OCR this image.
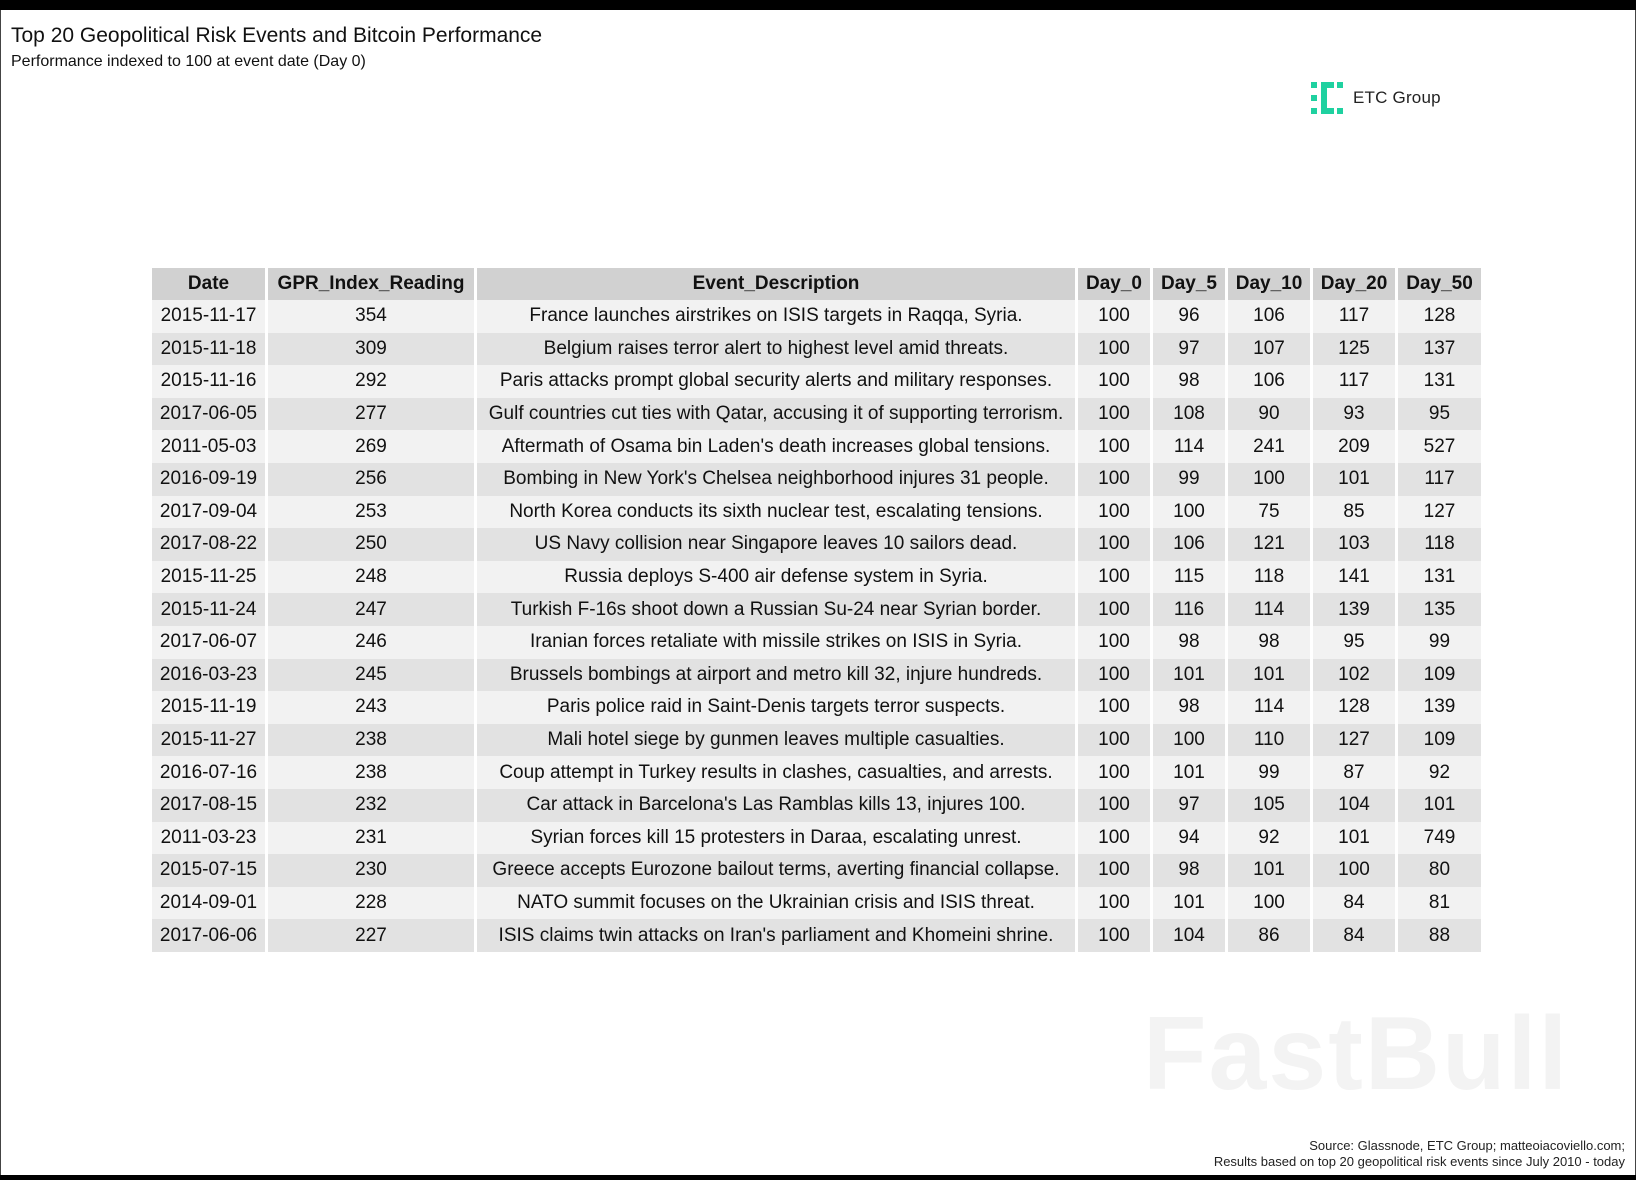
Top 20 Geopolitical Risk Events and Bitcoin Performance
Performance indexed to 100 at event date (Day 0)
ETC Group
Date	GPR_Index_Reading	Event_Description	Day_0	Day_5	Day_10	Day_20	Day_50
2015-11-17	354	France launches airstrikes on ISIS targets in Raqqa, Syria.	100	96	106	117	128
2015-11-18	309	Belgium raises terror alert to highest level amid threats.	100	97	107	125	137
2015-11-16	292	Paris attacks prompt global security alerts and military responses.	100	98	106	117	131
2017-06-05	277	Gulf countries cut ties with Qatar, accusing it of supporting terrorism.	100	108	90	93	95
2011-05-03	269	Aftermath of Osama bin Laden's death increases global tensions.	100	114	241	209	527
2016-09-19	256	Bombing in New York's Chelsea neighborhood injures 31 people.	100	99	100	101	117
2017-09-04	253	North Korea conducts its sixth nuclear test, escalating tensions.	100	100	75	85	127
2017-08-22	250	US Navy collision near Singapore leaves 10 sailors dead.	100	106	121	103	118
2015-11-25	248	Russia deploys S-400 air defense system in Syria.	100	115	118	141	131
2015-11-24	247	Turkish F-16s shoot down a Russian Su-24 near Syrian border.	100	116	114	139	135
2017-06-07	246	Iranian forces retaliate with missile strikes on ISIS in Syria.	100	98	98	95	99
2016-03-23	245	Brussels bombings at airport and metro kill 32, injure hundreds.	100	101	101	102	109
2015-11-19	243	Paris police raid in Saint-Denis targets terror suspects.	100	98	114	128	139
2015-11-27	238	Mali hotel siege by gunmen leaves multiple casualties.	100	100	110	127	109
2016-07-16	238	Coup attempt in Turkey results in clashes, casualties, and arrests.	100	101	99	87	92
2017-08-15	232	Car attack in Barcelona's Las Ramblas kills 13, injures 100.	100	97	105	104	101
2011-03-23	231	Syrian forces kill 15 protesters in Daraa, escalating unrest.	100	94	92	101	749
2015-07-15	230	Greece accepts Eurozone bailout terms, averting financial collapse.	100	98	101	100	80
2014-09-01	228	NATO summit focuses on the Ukrainian crisis and ISIS threat.	100	101	100	84	81
2017-06-06	227	ISIS claims twin attacks on Iran's parliament and Khomeini shrine.	100	104	86	84	88
FastBull
Source: Glassnode, ETC Group; matteoiacoviello.com;
Results based on top 20 geopolitical risk events since July 2010 - today
